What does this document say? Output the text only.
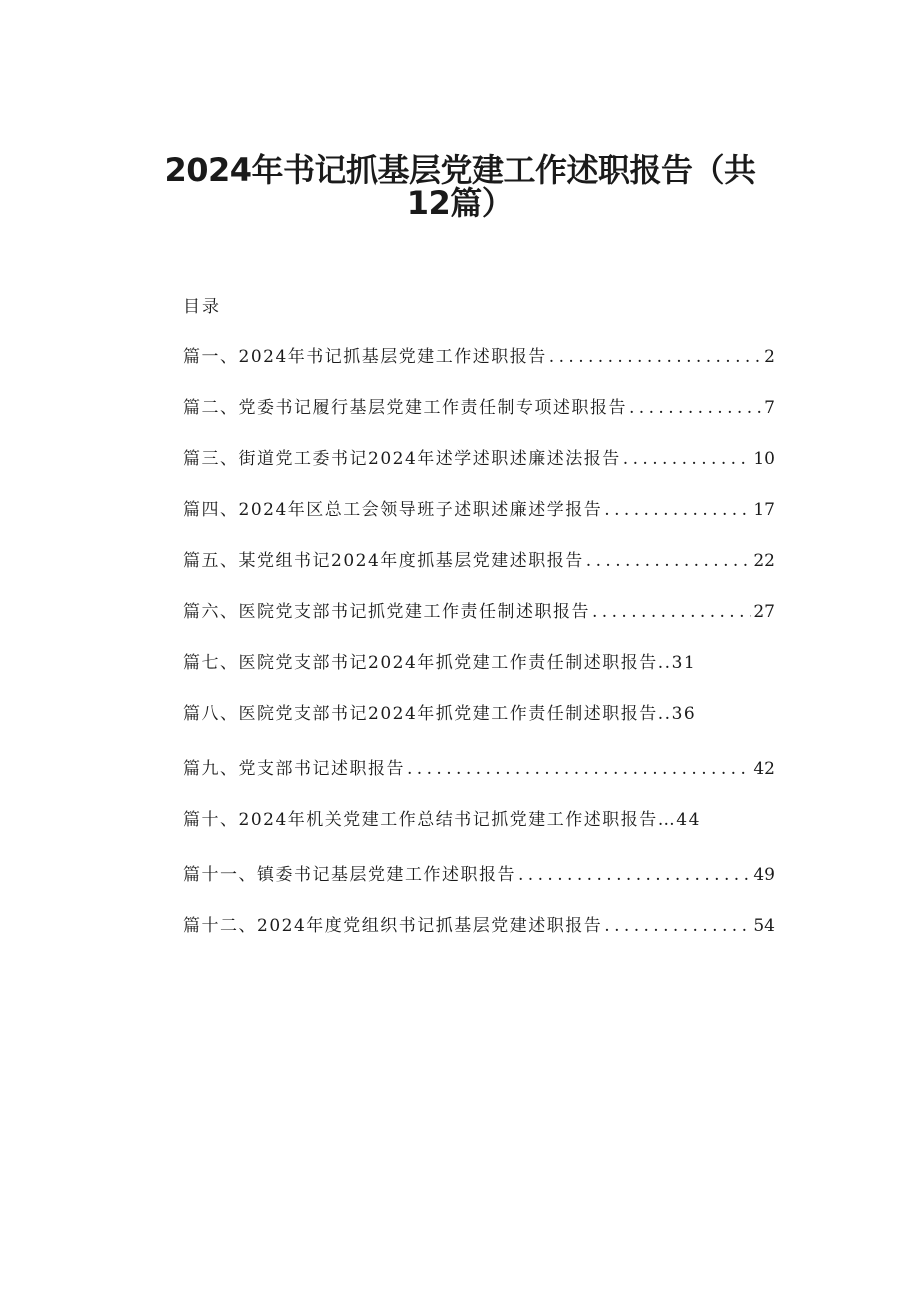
2024年书记抓基层党建工作述职报告（共
12篇）
目录
篇一、2024年书记抓基层党建工作述职报告 . . .	2
篇二、党委书记履行基层党建工作责任制专项述职报告 . . .	7
篇三、街道党工委书记2024年述学述职述廉述法报告 . . .	10
篇四、2024年区总工会领导班子述职述廉述学报告 . . .	17
篇五、某党组书记2024年度抓基层党建述职报告 . . .	22
篇六、医院党支部书记抓党建工作责任制述职报告 . . .	27
篇七、医院党支部书记2024年抓党建工作责任制述职报告..31
篇八、医院党支部书记2024年抓党建工作责任制述职报告..36
篇九、党支部书记述职报告 . . .	42
篇十、2024年机关党建工作总结书记抓党建工作述职报告…44
篇十一、镇委书记基层党建工作述职报告 . . .	49
篇十二、2024年度党组织书记抓基层党建述职报告 . . .	54
